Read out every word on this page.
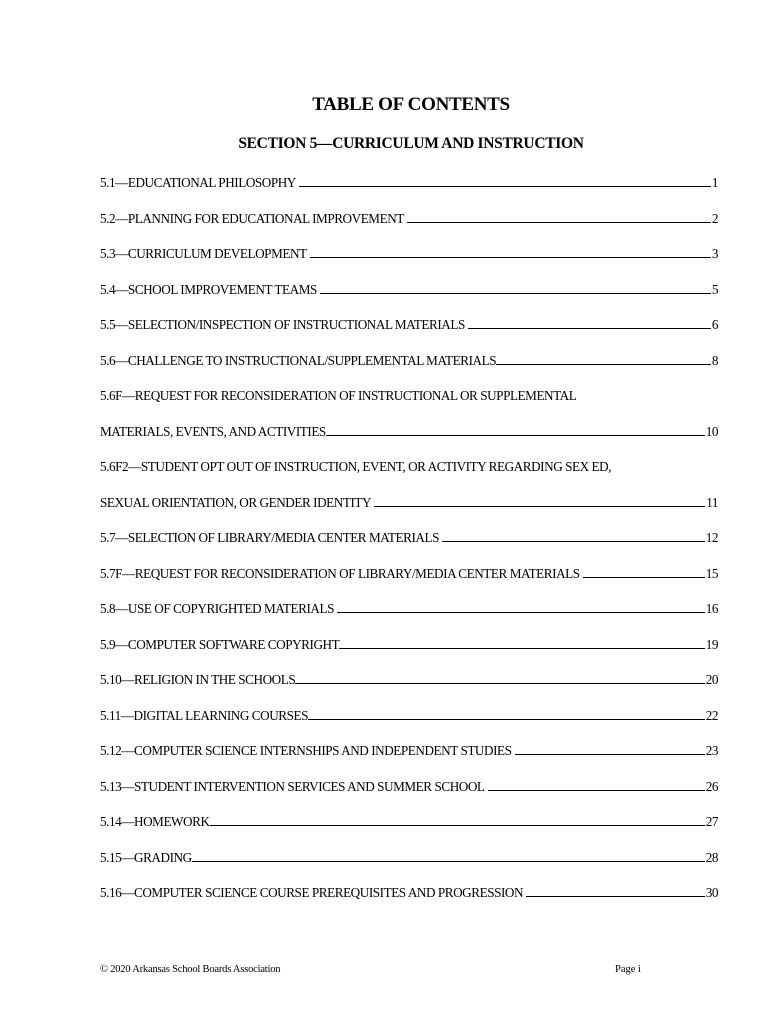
TABLE OF CONTENTS
SECTION 5—CURRICULUM AND INSTRUCTION
5.1—EDUCATIONAL PHILOSOPHY	1
5.2—PLANNING FOR EDUCATIONAL IMPROVEMENT	2
5.3—CURRICULUM DEVELOPMENT	3
5.4—SCHOOL IMPROVEMENT TEAMS	5
5.5—SELECTION/INSPECTION OF INSTRUCTIONAL MATERIALS	6
5.6—CHALLENGE TO INSTRUCTIONAL/SUPPLEMENTAL MATERIALS	8
5.6F—REQUEST FOR RECONSIDERATION OF INSTRUCTIONAL OR SUPPLEMENTAL
MATERIALS, EVENTS, AND ACTIVITIES	10
5.6F2—STUDENT OPT OUT OF INSTRUCTION, EVENT, OR ACTIVITY REGARDING SEX ED,
SEXUAL ORIENTATION, OR GENDER IDENTITY	11
5.7—SELECTION OF LIBRARY/MEDIA CENTER MATERIALS	12
5.7F—REQUEST FOR RECONSIDERATION OF LIBRARY/MEDIA CENTER MATERIALS	15
5.8—USE OF COPYRIGHTED MATERIALS	16
5.9—COMPUTER SOFTWARE COPYRIGHT	19
5.10—RELIGION IN THE SCHOOLS	20
5.11—DIGITAL LEARNING COURSES	22
5.12—COMPUTER SCIENCE INTERNSHIPS AND INDEPENDENT STUDIES	23
5.13—STUDENT INTERVENTION SERVICES AND SUMMER SCHOOL	26
5.14—HOMEWORK	27
5.15—GRADING	28
5.16—COMPUTER SCIENCE COURSE PREREQUISITES AND PROGRESSION	30
© 2020 Arkansas School Boards Association	Page i
